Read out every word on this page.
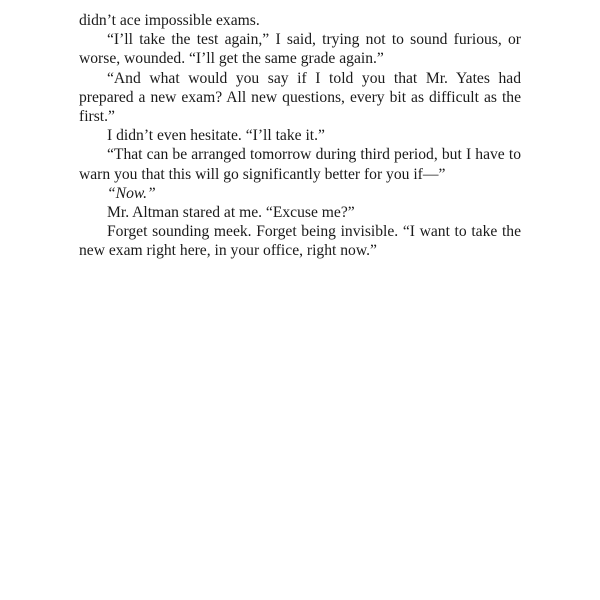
didn’t ace impossible exams.

“I’ll take the test again,” I said, trying not to sound furious, or worse, wounded. “I’ll get the same grade again.”

“And what would you say if I told you that Mr. Yates had prepared a new exam? All new questions, every bit as difficult as the first.”

I didn’t even hesitate. “I’ll take it.”

“That can be arranged tomorrow during third period, but I have to warn you that this will go significantly better for you if—”

“Now.”

Mr. Altman stared at me. “Excuse me?”

Forget sounding meek. Forget being invisible. “I want to take the new exam right here, in your office, right now.”
